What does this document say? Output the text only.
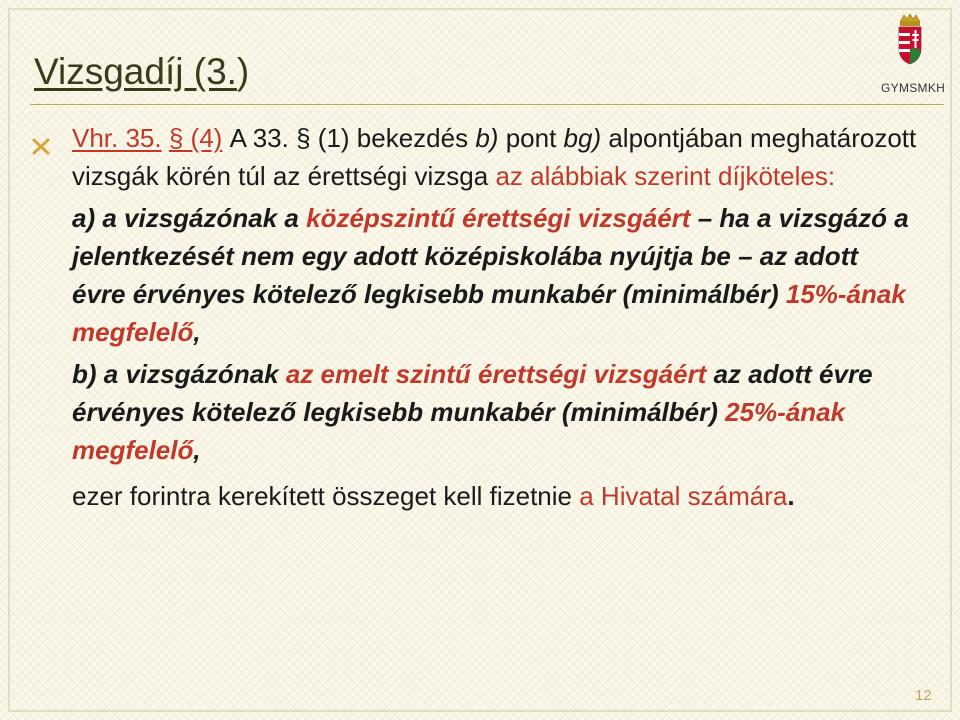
Vizsgadíj (3.)	GYMSMKH

Vhr. 35. § (4) A 33. § (1) bekezdés b) pont bg) alpontjában meghatározott vizsgák körén túl az érettségi vizsga az alábbiak szerint díjköteles:

a) a vizsgázónak a középszintű érettségi vizsgáért – ha a vizsgázó a jelentkezését nem egy adott középiskolába nyújtja be – az adott évre érvényes kötelező legkisebb munkabér (minimálbér) 15%-ának megfelelő,

b) a vizsgázónak az emelt szintű érettségi vizsgáért az adott évre érvényes kötelező legkisebb munkabér (minimálbér) 25%-ának megfelelő,

ezer forintra kerekített összeget kell fizetnie a Hivatal számára.

12
